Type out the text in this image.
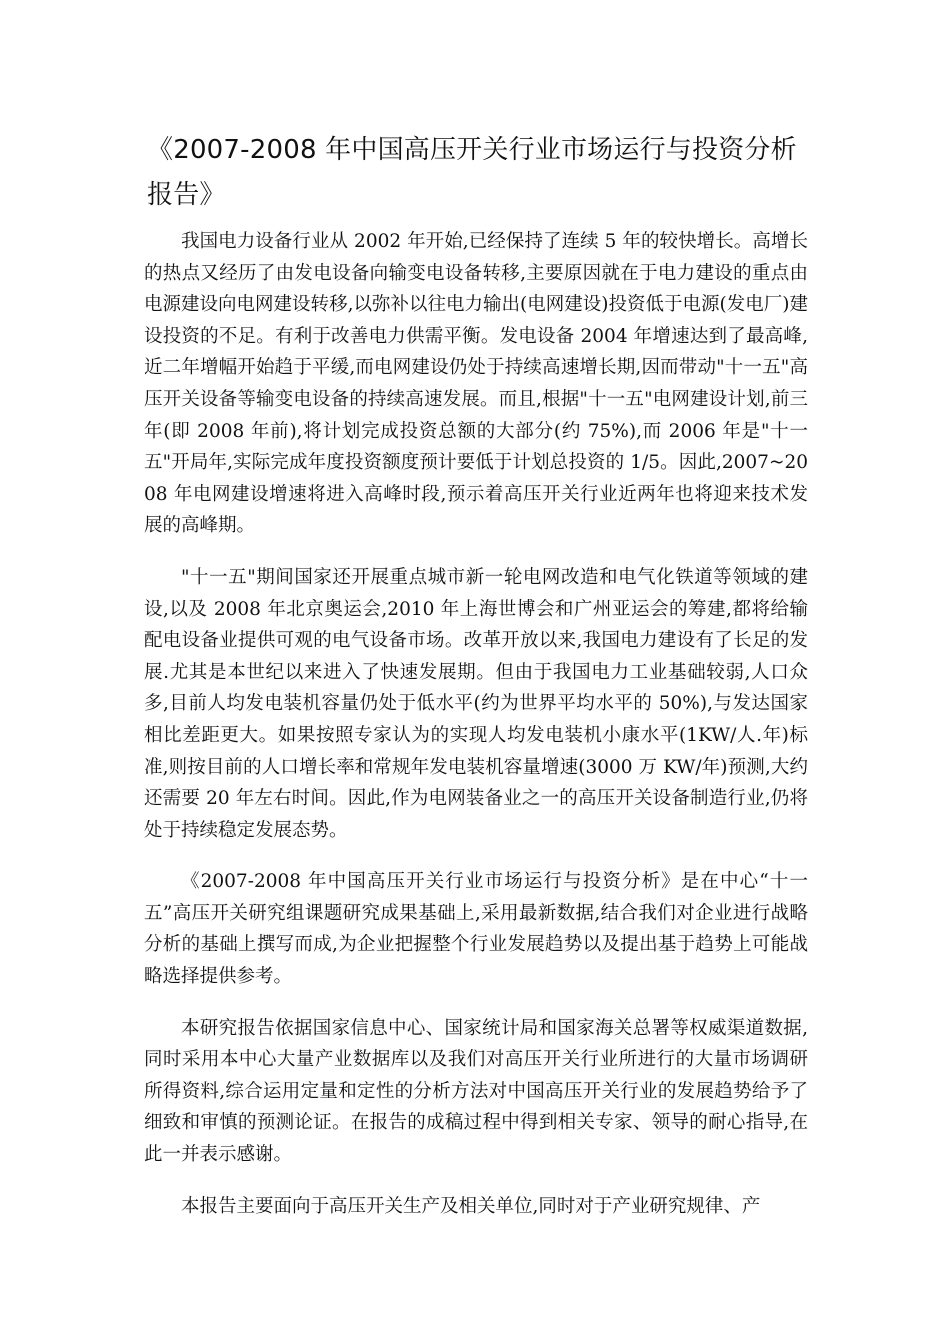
《2007-2008 年中国高压开关行业市场运行与投资分析报告》

我国电力设备行业从 2002 年开始,已经保持了连续 5 年的较快增长。高增长的热点又经历了由发电设备向输变电设备转移,主要原因就在于电力建设的重点由电源建设向电网建设转移,以弥补以往电力输出(电网建设)投资低于电源(发电厂)建设投资的不足。有利于改善电力供需平衡。发电设备 2004 年增速达到了最高峰,近二年增幅开始趋于平缓,而电网建设仍处于持续高速增长期,因而带动"十一五"高压开关设备等输变电设备的持续高速发展。而且,根据"十一五"电网建设计划,前三年(即 2008 年前),将计划完成投资总额的大部分(约 75%),而 2006 年是"十一五"开局年,实际完成年度投资额度预计要低于计划总投资的 1/5。因此,2007~2008 年电网建设增速将进入高峰时段,预示着高压开关行业近两年也将迎来技术发展的高峰期。

"十一五"期间国家还开展重点城市新一轮电网改造和电气化铁道等领域的建设,以及 2008 年北京奥运会,2010 年上海世博会和广州亚运会的筹建,都将给输配电设备业提供可观的电气设备市场。改革开放以来,我国电力建设有了长足的发展.尤其是本世纪以来进入了快速发展期。但由于我国电力工业基础较弱,人口众多,目前人均发电装机容量仍处于低水平(约为世界平均水平的 50%),与发达国家相比差距更大。如果按照专家认为的实现人均发电装机小康水平(1KW/人.年)标准,则按目前的人口增长率和常规年发电装机容量增速(3000 万 KW/年)预测,大约还需要 20 年左右时间。因此,作为电网装备业之一的高压开关设备制造行业,仍将处于持续稳定发展态势。

《2007-2008 年中国高压开关行业市场运行与投资分析》是在中心“十一五”高压开关研究组课题研究成果基础上,采用最新数据,结合我们对企业进行战略分析的基础上撰写而成,为企业把握整个行业发展趋势以及提出基于趋势上可能战略选择提供参考。

本研究报告依据国家信息中心、国家统计局和国家海关总署等权威渠道数据,同时采用本中心大量产业数据库以及我们对高压开关行业所进行的大量市场调研所得资料,综合运用定量和定性的分析方法对中国高压开关行业的发展趋势给予了细致和审慎的预测论证。在报告的成稿过程中得到相关专家、领导的耐心指导,在此一并表示感谢。

本报告主要面向于高压开关生产及相关单位,同时对于产业研究规律、产
